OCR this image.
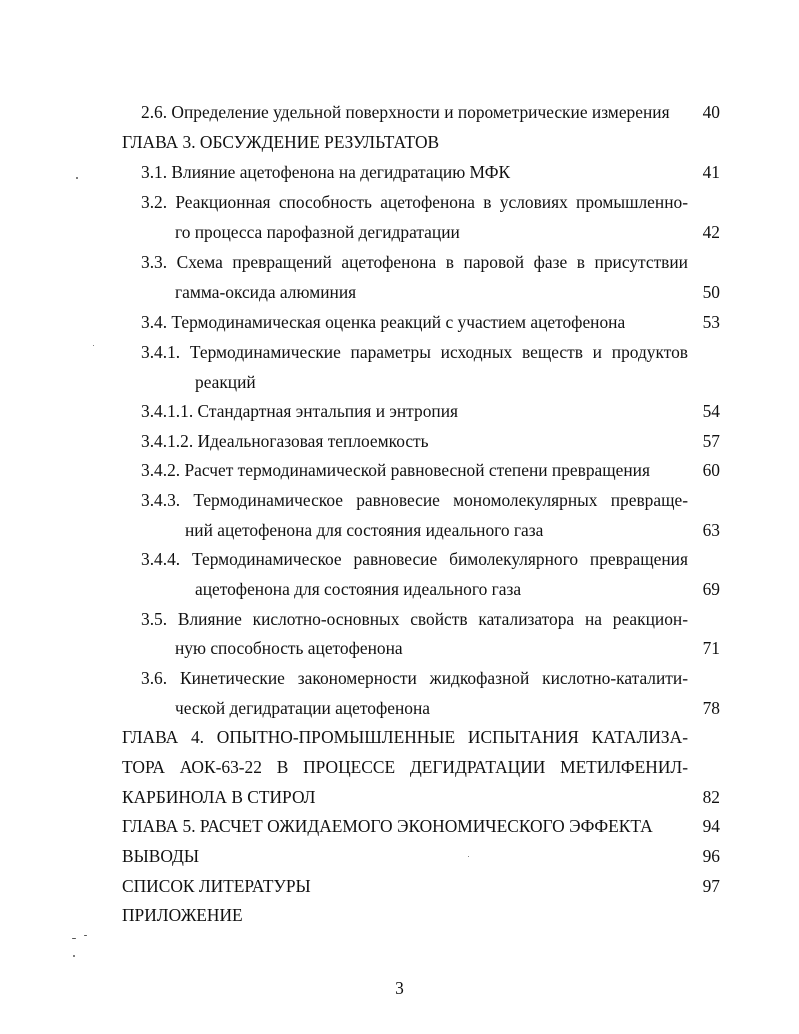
2.6. Определение удельной поверхности и порометрические измерения	40
ГЛАВА 3. ОБСУЖДЕНИЕ РЕЗУЛЬТАТОВ
3.1. Влияние ацетофенона на дегидратацию МФК	41
3.2. Реакционная способность ацетофенона в условиях промышленно-
го процесса парофазной дегидратации	42
3.3. Схема превращений ацетофенона в паровой фазе в присутствии
гамма-оксида алюминия	50
3.4. Термодинамическая оценка реакций с участием ацетофенона	53
3.4.1. Термодинамические параметры исходных веществ и продуктов
реакций
3.4.1.1. Стандартная энтальпия и энтропия	54
3.4.1.2. Идеальногазовая теплоемкость	57
3.4.2. Расчет термодинамической равновесной степени превращения	60
3.4.3. Термодинамическое равновесие мономолекулярных превраще-
ний ацетофенона для состояния идеального газа	63
3.4.4. Термодинамическое равновесие бимолекулярного превращения
ацетофенона для состояния идеального газа	69
3.5. Влияние кислотно-основных свойств катализатора на реакцион-
ную способность ацетофенона	71
3.6. Кинетические закономерности жидкофазной кислотно-каталити-
ческой дегидратации ацетофенона	78
ГЛАВА 4. ОПЫТНО-ПРОМЫШЛЕННЫЕ ИСПЫТАНИЯ КАТАЛИЗА-
ТОРА АОК-63-22 В ПРОЦЕССЕ ДЕГИДРАТАЦИИ МЕТИЛФЕНИЛ-
КАРБИНОЛА В СТИРОЛ	82
ГЛАВА 5. РАСЧЕТ ОЖИДАЕМОГО ЭКОНОМИЧЕСКОГО ЭФФЕКТА	94
ВЫВОДЫ	96
СПИСОК ЛИТЕРАТУРЫ	97
ПРИЛОЖЕНИЕ
3
